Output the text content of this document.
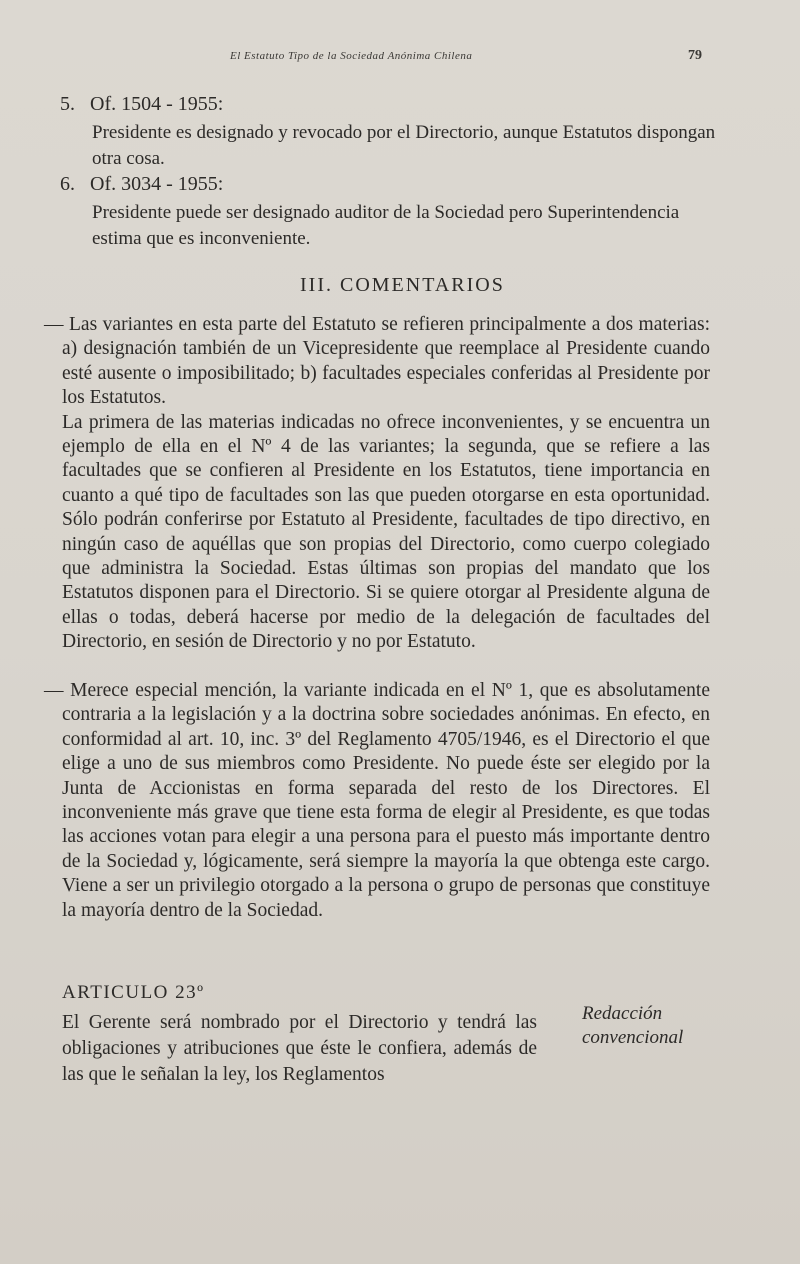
El Estatuto Tipo de la Sociedad Anónima Chilena	79
5. Of. 1504 - 1955:
Presidente es designado y revocado por el Directorio, aunque Estatutos dispongan otra cosa.
6. Of. 3034 - 1955:
Presidente puede ser designado auditor de la Sociedad pero Superintendencia estima que es inconveniente.
III. COMENTARIOS

— Las variantes en esta parte del Estatuto se refieren principalmente a dos materias: a) designación también de un Vicepresidente que reemplace al Presidente cuando esté ausente o imposibilitado; b) facultades especiales conferidas al Presidente por los Estatutos.

La primera de las materias indicadas no ofrece inconvenientes, y se encuentra un ejemplo de ella en el Nº 4 de las variantes; la segunda, que se refiere a las facultades que se confieren al Presidente en los Estatutos, tiene importancia en cuanto a qué tipo de facultades son las que pueden otorgarse en esta oportunidad. Sólo podrán conferirse por Estatuto al Presidente, facultades de tipo directivo, en ningún caso de aquéllas que son propias del Directorio, como cuerpo colegiado que administra la Sociedad. Estas últimas son propias del mandato que los Estatutos disponen para el Directorio. Si se quiere otorgar al Presidente alguna de ellas o todas, deberá hacerse por medio de la delegación de facultades del Directorio, en sesión de Directorio y no por Estatuto.

— Merece especial mención, la variante indicada en el Nº 1, que es absolutamente contraria a la legislación y a la doctrina sobre sociedades anónimas. En efecto, en conformidad al art. 10, inc. 3º del Reglamento 4705/1946, es el Directorio el que elige a uno de sus miembros como Presidente. No puede éste ser elegido por la Junta de Accionistas en forma separada del resto de los Directores. El inconveniente más grave que tiene esta forma de elegir al Presidente, es que todas las acciones votan para elegir a una persona para el puesto más importante dentro de la Sociedad y, lógicamente, será siempre la mayoría la que obtenga este cargo. Viene a ser un privilegio otorgado a la persona o grupo de personas que constituye la mayoría dentro de la Sociedad.

ARTICULO 23º
El Gerente será nombrado por el Directorio y tendrá las obligaciones y atribuciones que éste le confiera, además de las que le señalan la ley, los Reglamentos
Redacción convencional
